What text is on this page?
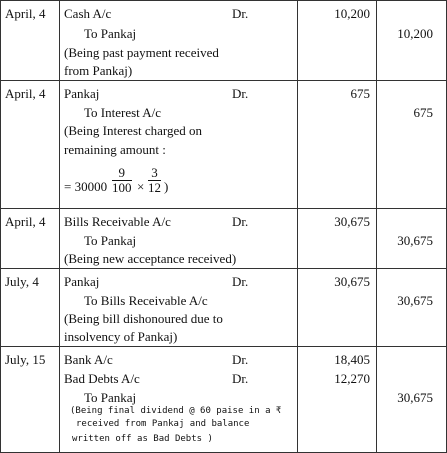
April, 4 Cash A/c	Dr.	10,200
To Pankaj	10,200
(Being past payment received
from Pankaj)
April, 4 Pankaj	Dr.	675
To Interest A/c	675
(Being Interest charged on
remaining amount :
= $30000 \frac{9}{100} \times \frac{3}{12}$ )
April, 4 Bills Receivable A/c	Dr.	30,675
To Pankaj	30,675
(Being new acceptance received)
July, 4 Pankaj	Dr.	30,675
To Bills Receivable A/c	30,675
(Being bill dishonoured due to
insolvency of Pankaj)
July, 15 Bank A/c	Dr.	18,405
Bad Debts A/c	Dr.	12,270
To Pankaj	30,675
(Being final dividend @ 60 paise in a ₹
received from Pankaj and balance
written off as Bad Debts )
